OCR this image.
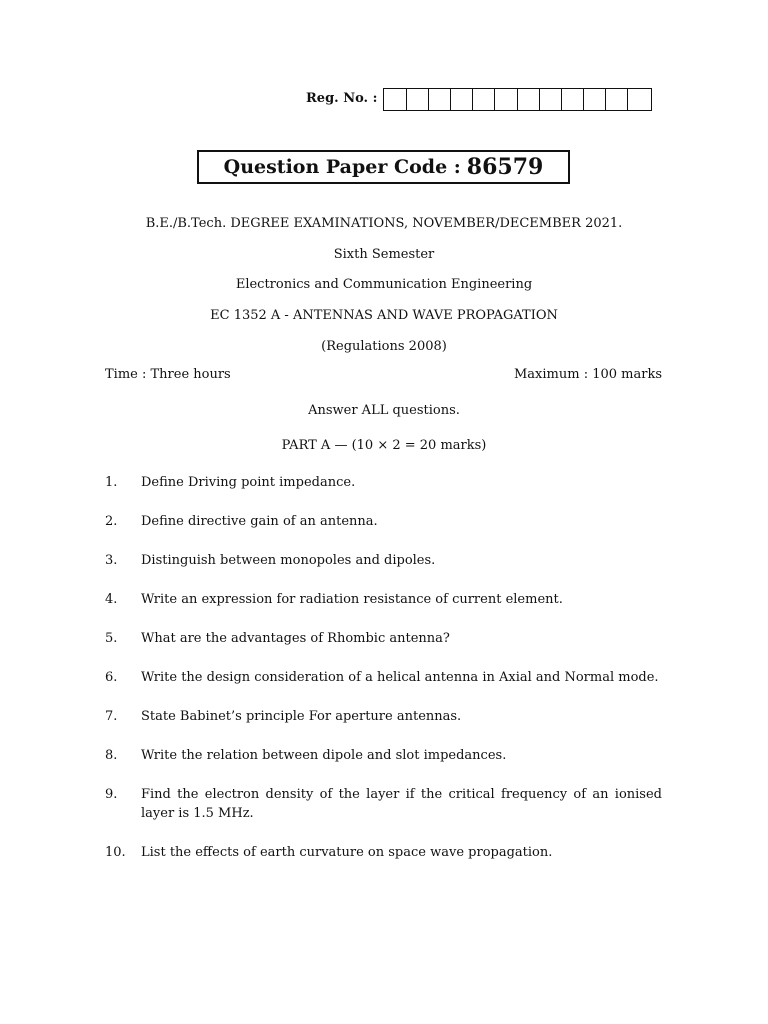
Reg. No. :
Question Paper Code : 86579
B.E./B.Tech. DEGREE EXAMINATIONS, NOVEMBER/DECEMBER 2021.
Sixth Semester
Electronics and Communication Engineering
EC 1352 A - ANTENNAS AND WAVE PROPAGATION
(Regulations 2008)
Time : Three hours	Maximum : 100 marks
Answer ALL questions.
PART A — (10 × 2 = 20 marks)
1.	Define Driving point impedance.
2.	Define directive gain of an antenna.
3.	Distinguish between monopoles and dipoles.
4.	Write an expression for radiation resistance of current element.
5.	What are the advantages of Rhombic antenna?
6.	Write the design consideration of a helical antenna in Axial and Normal mode.
7.	State Babinet’s principle For aperture antennas.
8.	Write the relation between dipole and slot impedances.
9.	Find the electron density of the layer if the critical frequency of an ionised layer is 1.5 MHz.
10.	List the effects of earth curvature on space wave propagation.
